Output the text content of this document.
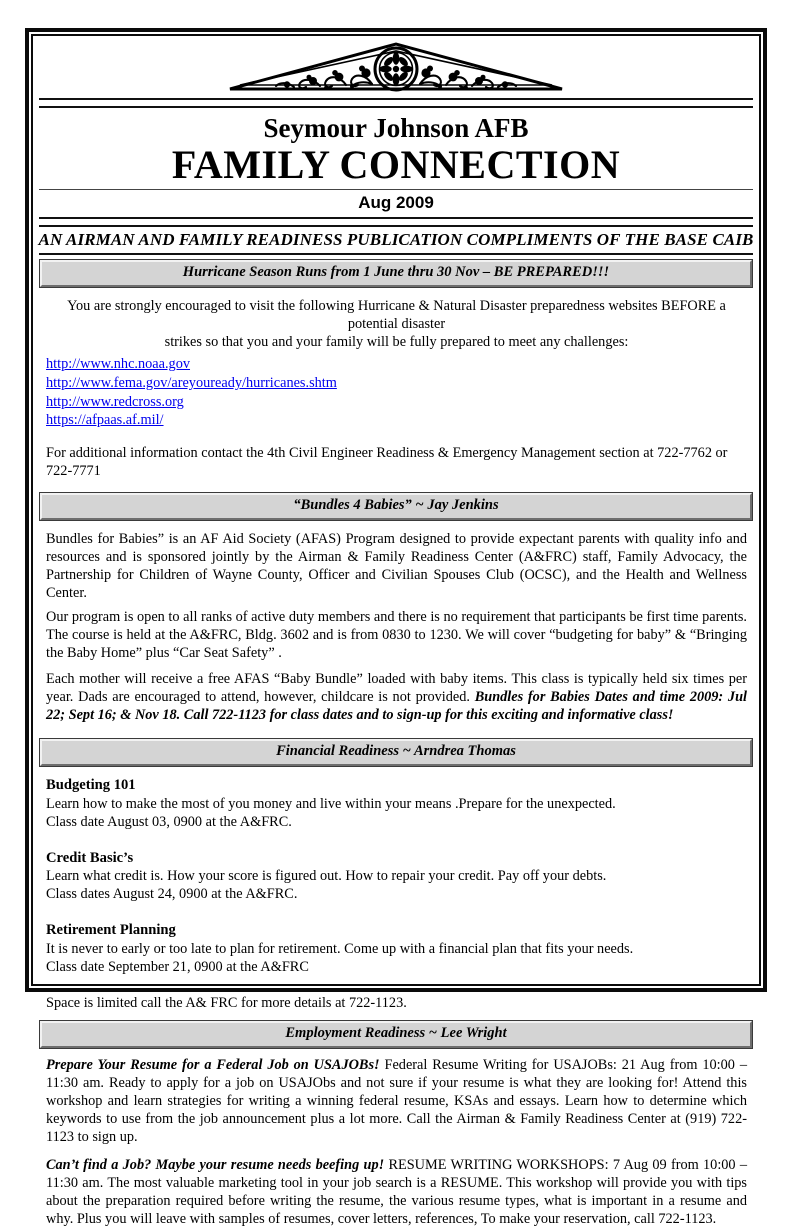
Seymour Johnson AFB
FAMILY CONNECTION
Aug 2009
AN AIRMAN AND FAMILY READINESS PUBLICATION COMPLIMENTS OF THE BASE CAIB
Hurricane Season Runs from 1 June thru 30 Nov – BE PREPARED!!!

You are strongly encouraged to visit the following Hurricane & Natural Disaster preparedness websites BEFORE a potential disaster

strikes so that you and your family will be fully prepared to meet any challenges:

http://www.nhc.noaa.gov
http://www.fema.gov/areyouready/hurricanes.shtm
http://www.redcross.org
https://afpaas.af.mil/

For additional information contact the 4th Civil Engineer Readiness & Emergency Management section at 722-7762 or 722-7771

“Bundles 4 Babies” ~ Jay Jenkins

Bundles for Babies” is an AF Aid Society (AFAS) Program designed to provide expectant parents with quality info and resources and is sponsored jointly by the Airman & Family Readiness Center (A&FRC) staff, Family Advocacy, the Partnership for Children of Wayne County, Officer and Civilian Spouses Club (OCSC), and the Health and Wellness Center.

Our program is open to all ranks of active duty members and there is no requirement that participants be first time parents. The course is held at the A&FRC, Bldg. 3602 and is from 0830 to 1230. We will cover “budgeting for baby” & “Bringing the Baby Home” plus “Car Seat Safety” .

Each mother will receive a free AFAS “Baby Bundle” loaded with baby items. This class is typically held six times per year. Dads are encouraged to attend, however, childcare is not provided. Bundles for Babies Dates and time 2009: Jul 22; Sept 16; & Nov 18. Call 722-1123 for class dates and to sign-up for this exciting and informative class!

Financial Readiness ~ Arndrea Thomas

Budgeting 101

Learn how to make the most of you money and live within your means .Prepare for the unexpected.

Class date August 03, 0900 at the A&FRC.

Credit Basic’s

Learn what credit is. How your score is figured out. How to repair your credit. Pay off your debts.

Class dates August 24, 0900 at the A&FRC.

Retirement Planning

It is never to early or too late to plan for retirement. Come up with a financial plan that fits your needs.

Class date September 21, 0900 at the A&FRC

Space is limited call the A& FRC for more details at 722-1123.

Employment Readiness ~ Lee Wright

Prepare Your Resume for a Federal Job on USAJOBs! Federal Resume Writing for USAJOBs: 21 Aug from 10:00 – 11:30 am. Ready to apply for a job on USAJObs and not sure if your resume is what they are looking for! Attend this workshop and learn strategies for writing a winning federal resume, KSAs and essays. Learn how to determine which keywords to use from the job announcement plus a lot more. Call the Airman & Family Readiness Center at (919) 722-1123 to sign up.

Can’t find a Job? Maybe your resume needs beefing up! RESUME WRITING WORKSHOPS: 7 Aug 09 from 10:00 – 11:30 am. The most valuable marketing tool in your job search is a RESUME. This workshop will provide you with tips about the preparation required before writing the resume, the various resume types, what is important in a resume and why. Plus you will leave with samples of resumes, cover letters, references, To make your reservation, call 722-1123.
